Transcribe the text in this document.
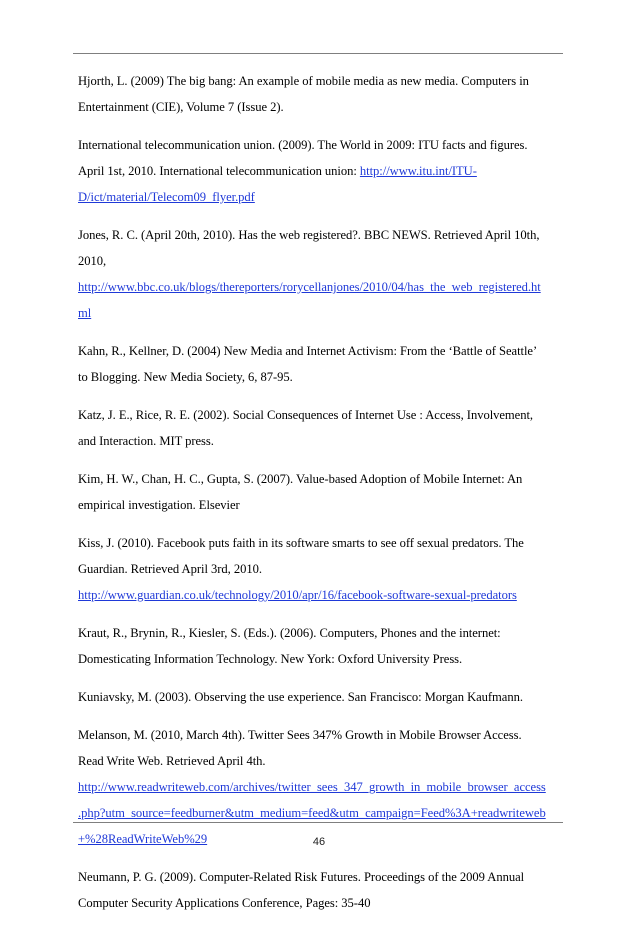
Hjorth, L. (2009) The big bang: An example of mobile media as new media. Computers in
Entertainment (CIE), Volume 7 (Issue 2).

International telecommunication union. (2009). The World in 2009: ITU facts and figures.
April 1st, 2010. International telecommunication union: http://www.itu.int/ITU-
D/ict/material/Telecom09_flyer.pdf

Jones, R. C. (April 20th, 2010). Has the web registered?. BBC NEWS. Retrieved April 10th,
2010,
http://www.bbc.co.uk/blogs/thereporters/rorycellanjones/2010/04/has_the_web_registered.ht
ml

Kahn, R., Kellner, D. (2004) New Media and Internet Activism: From the ‘Battle of Seattle’
to Blogging. New Media Society, 6, 87-95.

Katz, J. E., Rice, R. E. (2002). Social Consequences of Internet Use : Access, Involvement,
and Interaction. MIT press.

Kim, H. W., Chan, H. C., Gupta, S. (2007). Value-based Adoption of Mobile Internet: An
empirical investigation. Elsevier

Kiss, J. (2010). Facebook puts faith in its software smarts to see off sexual predators. The
Guardian. Retrieved April 3rd, 2010.
http://www.guardian.co.uk/technology/2010/apr/16/facebook-software-sexual-predators

Kraut, R., Brynin, R., Kiesler, S. (Eds.). (2006). Computers, Phones and the internet:
Domesticating Information Technology. New York: Oxford University Press.

Kuniavsky, M. (2003). Observing the use experience. San Francisco: Morgan Kaufmann.

Melanson, M. (2010, March 4th). Twitter Sees 347% Growth in Mobile Browser Access.
Read Write Web. Retrieved April 4th.
http://www.readwriteweb.com/archives/twitter_sees_347_growth_in_mobile_browser_access
.php?utm_source=feedburner&utm_medium=feed&utm_campaign=Feed%3A+readwriteweb
+%28ReadWriteWeb%29

Neumann, P. G. (2009). Computer-Related Risk Futures. Proceedings of the 2009 Annual
Computer Security Applications Conference, Pages: 35-40

46
